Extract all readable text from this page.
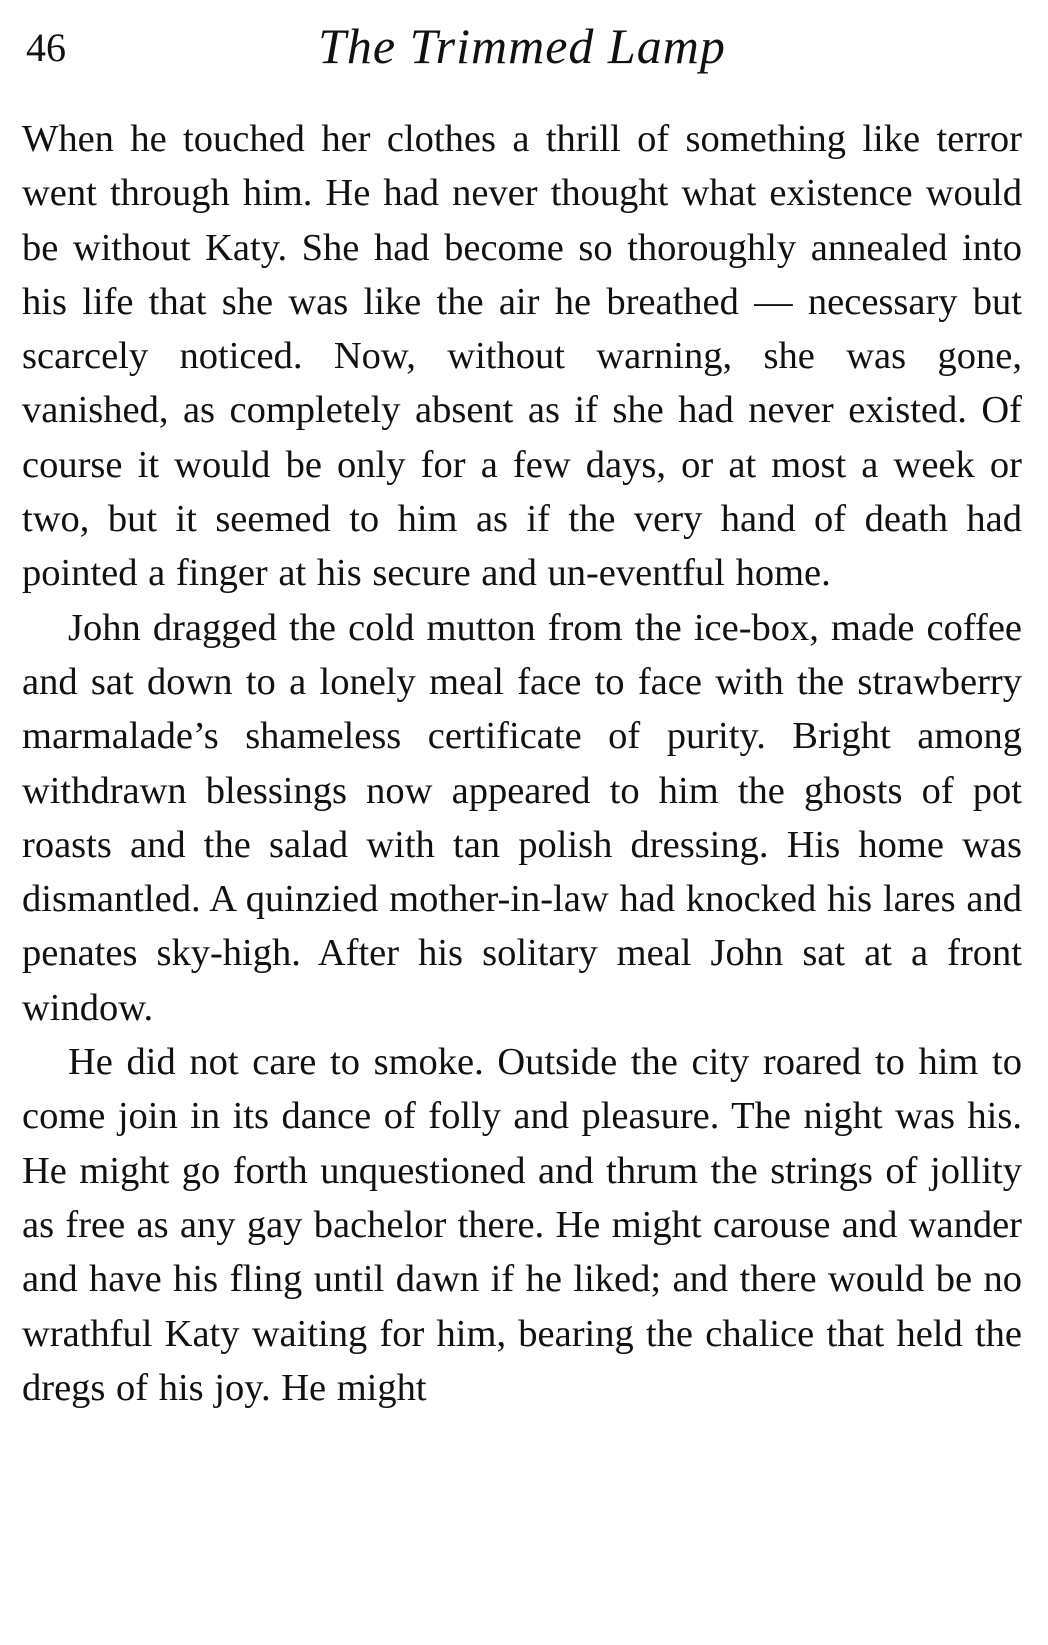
46	The Trimmed Lamp

When he touched her clothes a thrill of something like terror went through him. He had never thought what existence would be without Katy. She had become so thoroughly annealed into his life that she was like the air he breathed — necessary but scarcely noticed. Now, without warning, she was gone, vanished, as completely absent as if she had never existed. Of course it would be only for a few days, or at most a week or two, but it seemed to him as if the very hand of death had pointed a finger at his secure and un-eventful home.

John dragged the cold mutton from the ice-box, made coffee and sat down to a lonely meal face to face with the strawberry marmalade’s shameless certificate of purity. Bright among withdrawn blessings now appeared to him the ghosts of pot roasts and the salad with tan polish dressing. His home was dismantled. A quinzied mother-in-law had knocked his lares and penates sky-high. After his solitary meal John sat at a front window.

He did not care to smoke. Outside the city roared to him to come join in its dance of folly and pleasure. The night was his. He might go forth unquestioned and thrum the strings of jollity as free as any gay bachelor there. He might carouse and wander and have his fling until dawn if he liked; and there would be no wrathful Katy waiting for him, bearing the chalice that held the dregs of his joy. He might
